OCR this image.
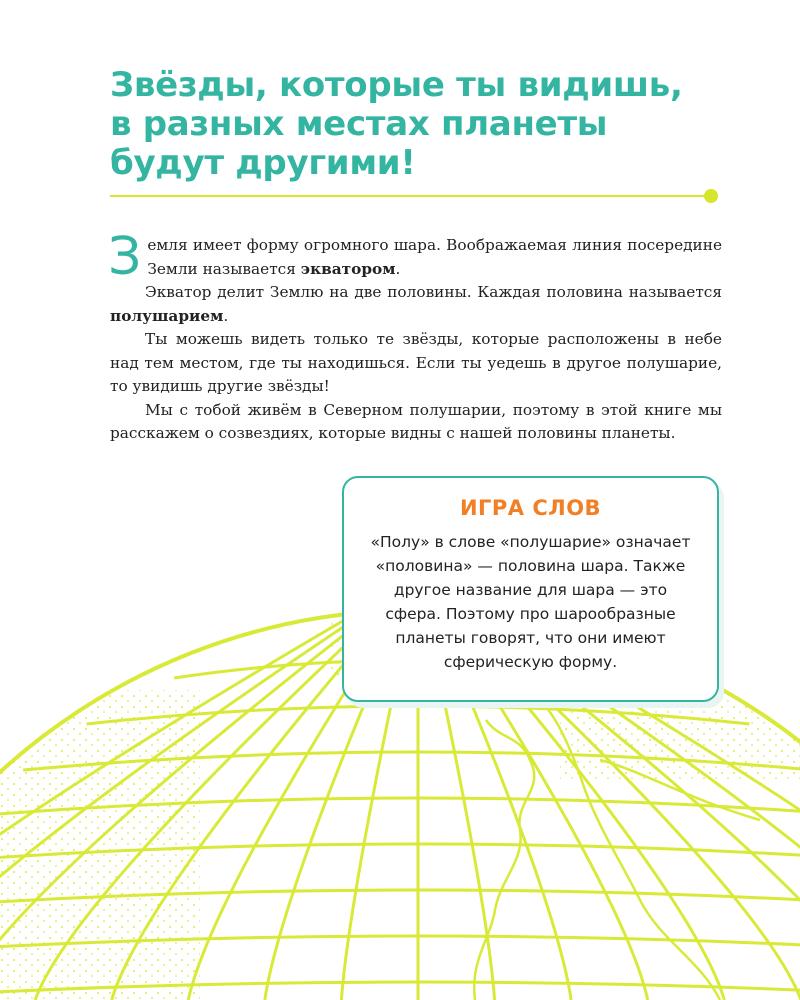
Звёзды, которые ты видишь,
в разных местах планеты
будут другими!

Земля имеет форму огромного шара. Воображаемая линия посередине Земли называется экватором.

Экватор делит Землю на две половины. Каждая половина называется полушарием.

Ты можешь видеть только те звёзды, которые расположены в небе над тем местом, где ты находишься. Если ты уедешь в другое полушарие, то увидишь другие звёзды!

Мы с тобой живём в Северном полушарии, поэтому в этой книге мы расскажем о созвездиях, которые видны с нашей половины планеты.

ИГРА СЛОВ
«Полу» в слове «полушарие» означает «половина» — половина шара. Также другое название для шара — это сфера. Поэтому про шарообразные планеты говорят, что они имеют сферическую форму.
